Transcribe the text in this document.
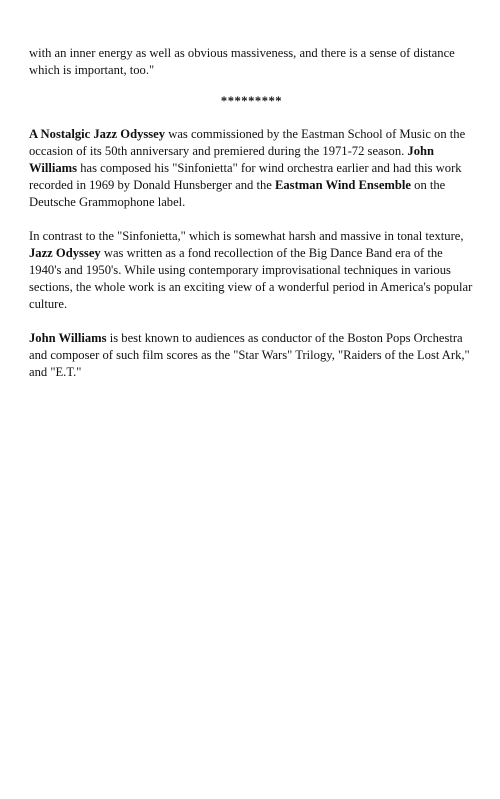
with an inner energy as well as obvious massiveness, and there is a sense of distance which is important, too."

*********

A Nostalgic Jazz Odyssey was commissioned by the Eastman School of Music on the occasion of its 50th anniversary and premiered during the 1971-72 season. John Williams has composed his "Sinfonietta" for wind orchestra earlier and had this work recorded in 1969 by Donald Hunsberger and the Eastman Wind Ensemble on the Deutsche Grammophone label.

In contrast to the "Sinfonietta," which is somewhat harsh and massive in tonal texture, Jazz Odyssey was written as a fond recollection of the Big Dance Band era of the 1940's and 1950's. While using contemporary improvisational techniques in various sections, the whole work is an exciting view of a wonderful period in America's popular culture.

John Williams is best known to audiences as conductor of the Boston Pops Orchestra and composer of such film scores as the "Star Wars" Trilogy, "Raiders of the Lost Ark," and "E.T."
